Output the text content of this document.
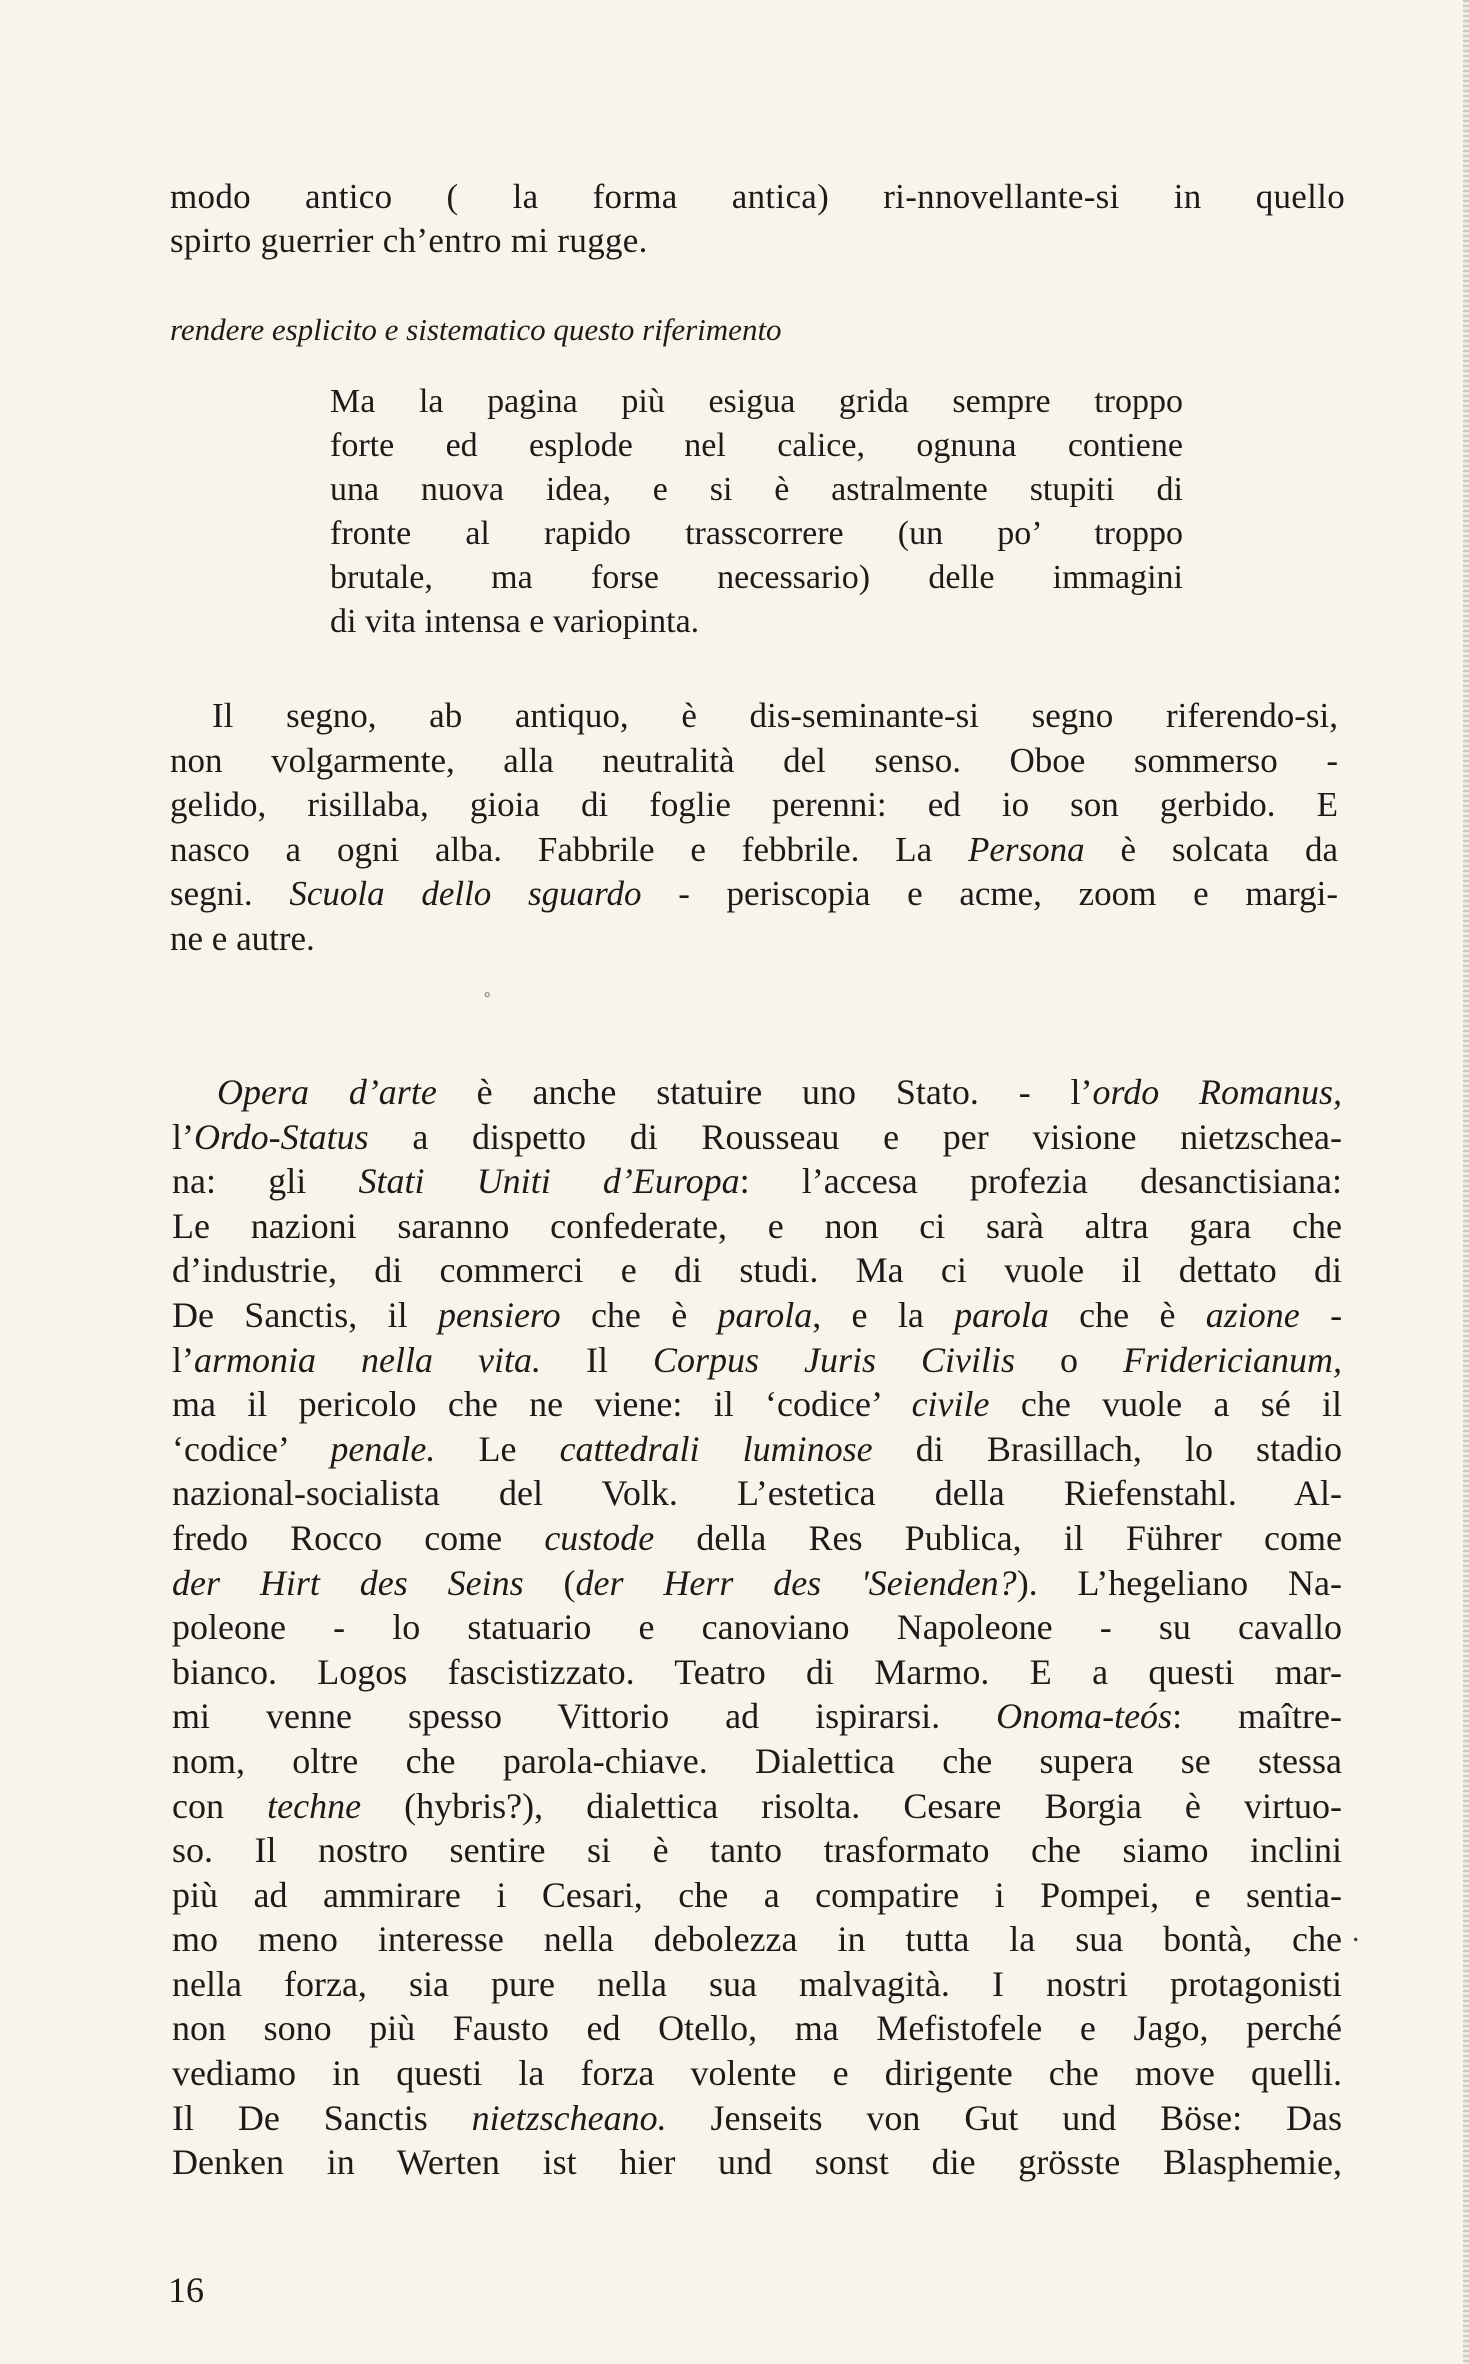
modo antico ( la forma antica) ri-nnovellante-si in quello
spirto guerrier ch’entro mi rugge.
rendere esplicito e sistematico questo riferimento
Ma la pagina più esigua grida sempre troppo
forte ed esplode nel calice, ognuna contiene
una nuova idea, e si è astralmente stupiti di
fronte al rapido trasscorrere (un po’ troppo
brutale, ma forse necessario) delle immagini
di vita intensa e variopinta.
Il segno, ab antiquo, è dis-seminante-si segno riferendo-si,
non volgarmente, alla neutralità del senso. Oboe sommerso -
gelido, risillaba, gioia di foglie perenni: ed io son gerbido. E
nasco a ogni alba. Fabbrile e febbrile. La Persona è solcata da
segni. Scuola dello sguardo - periscopia e acme, zoom e margi-
ne e autre.
°
Opera d’arte è anche statuire uno Stato. - l’ordo Romanus,
l’Ordo-Status a dispetto di Rousseau e per visione nietzschea-
na: gli Stati Uniti d’Europa: l’accesa profezia desanctisiana:
Le nazioni saranno confederate, e non ci sarà altra gara che
d’industrie, di commerci e di studi. Ma ci vuole il dettato di
De Sanctis, il pensiero che è parola, e la parola che è azione -
l’armonia nella vita. Il Corpus Juris Civilis o Fridericianum,
ma il pericolo che ne viene: il ‘codice’ civile che vuole a sé il
‘codice’ penale. Le cattedrali luminose di Brasillach, lo stadio
nazional-socialista del Volk. L’estetica della Riefenstahl. Al-
fredo Rocco come custode della Res Publica, il Führer come
der Hirt des Seins (der Herr des 'Seienden?). L’hegeliano Na-
poleone - lo statuario e canoviano Napoleone - su cavallo
bianco. Logos fascistizzato. Teatro di Marmo. E a questi mar-
mi venne spesso Vittorio ad ispirarsi. Onoma-teós: maître-
nom, oltre che parola-chiave. Dialettica che supera se stessa
con techne (hybris?), dialettica risolta. Cesare Borgia è virtuo-
so. Il nostro sentire si è tanto trasformato che siamo inclini
più ad ammirare i Cesari, che a compatire i Pompei, e sentia-
mo meno interesse nella debolezza in tutta la sua bontà, che
nella forza, sia pure nella sua malvagità. I nostri protagonisti
non sono più Fausto ed Otello, ma Mefistofele e Jago, perché
vediamo in questi la forza volente e dirigente che move quelli.
Il De Sanctis nietzscheano. Jenseits von Gut und Böse: Das
Denken in Werten ist hier und sonst die grösste Blasphemie,
.
16
